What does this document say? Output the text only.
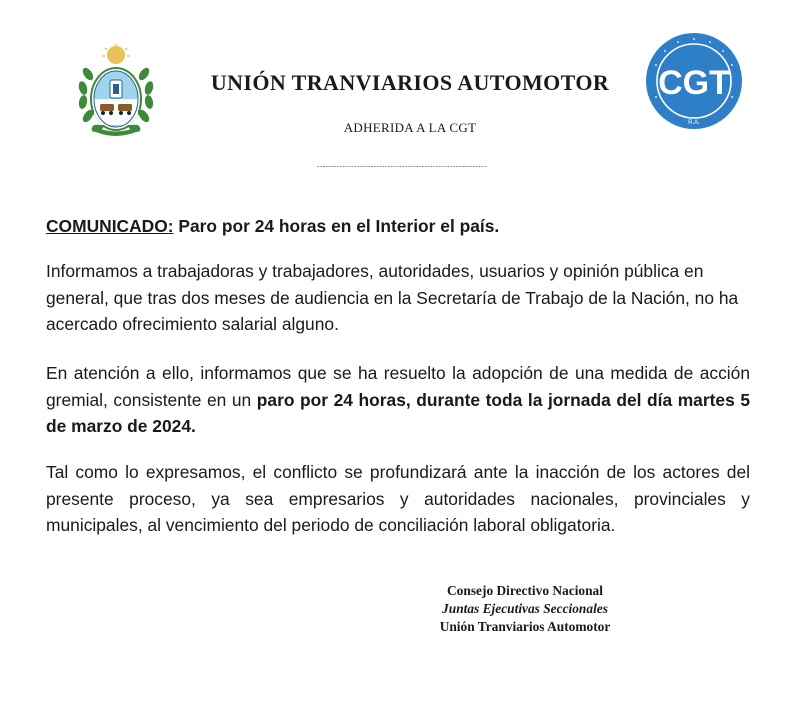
UNIÓN TRANVIARIOS AUTOMOTOR
ADHERIDA A LA CGT
------------------------------------------------------------
CGT
R.A.

COMUNICADO: Paro por 24 horas en el Interior el país.

Informamos a trabajadoras y trabajadores, autoridades, usuarios y opinión pública en general, que tras dos meses de audiencia en la Secretaría de Trabajo de la Nación, no ha acercado ofrecimiento salarial alguno.

En atención a ello, informamos que se ha resuelto la adopción de una medida de acción gremial, consistente en un paro por 24 horas, durante toda la jornada del día martes 5 de marzo de 2024.

Tal como lo expresamos, el conflicto se profundizará ante la inacción de los actores del presente proceso, ya sea empresarios y autoridades nacionales, provinciales y municipales, al vencimiento del periodo de conciliación laboral obligatoria.

Consejo Directivo Nacional
Juntas Ejecutivas Seccionales
Unión Tranviarios Automotor
